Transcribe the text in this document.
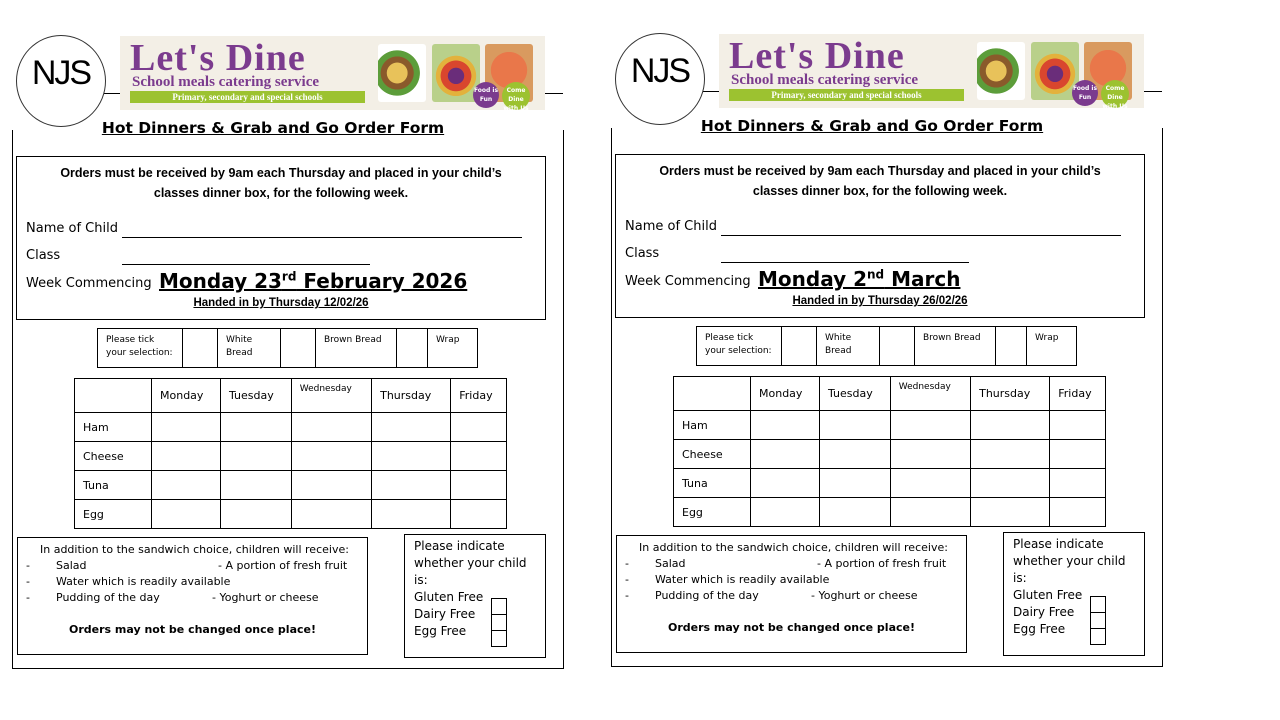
NJS	Let's Dine
School meals catering service
Primary, secondary and special schools
Food is Fun
Come Dine with Us
Hot Dinners & Grab and Go Order Form
Orders must be received by 9am each Thursday and placed in your child’s
classes dinner box, for the following week.
Name of Child
Class
Week Commencing Monday 23rd February 2026
Handed in by Thursday 12/02/26
Please tick
your selection:		White
Bread		Brown Bread		Wrap
	Monday	Tuesday	Wednesday	Thursday	Friday
Ham					
Cheese					
Tuna					
Egg					
In addition to the sandwich choice, children will receive:
- Salad	- A portion of fresh fruit
- Water which is readily available
- Pudding of the day	- Yoghurt or cheese
Orders may not be changed once place!
Please indicate
whether your child
is:
Gluten Free
Dairy Free
Egg Free
NJS	Let's Dine
School meals catering service
Primary, secondary and special schools
Food is Fun
Come Dine with Us
Hot Dinners & Grab and Go Order Form
Orders must be received by 9am each Thursday and placed in your child’s
classes dinner box, for the following week.
Name of Child
Class
Week Commencing Monday 2nd March
Handed in by Thursday 26/02/26
Please tick
your selection:		White
Bread		Brown Bread		Wrap
	Monday	Tuesday	Wednesday	Thursday	Friday
Ham					
Cheese					
Tuna					
Egg					
In addition to the sandwich choice, children will receive:
- Salad	- A portion of fresh fruit
- Water which is readily available
- Pudding of the day	- Yoghurt or cheese
Orders may not be changed once place!
Please indicate
whether your child
is:
Gluten Free
Dairy Free
Egg Free
